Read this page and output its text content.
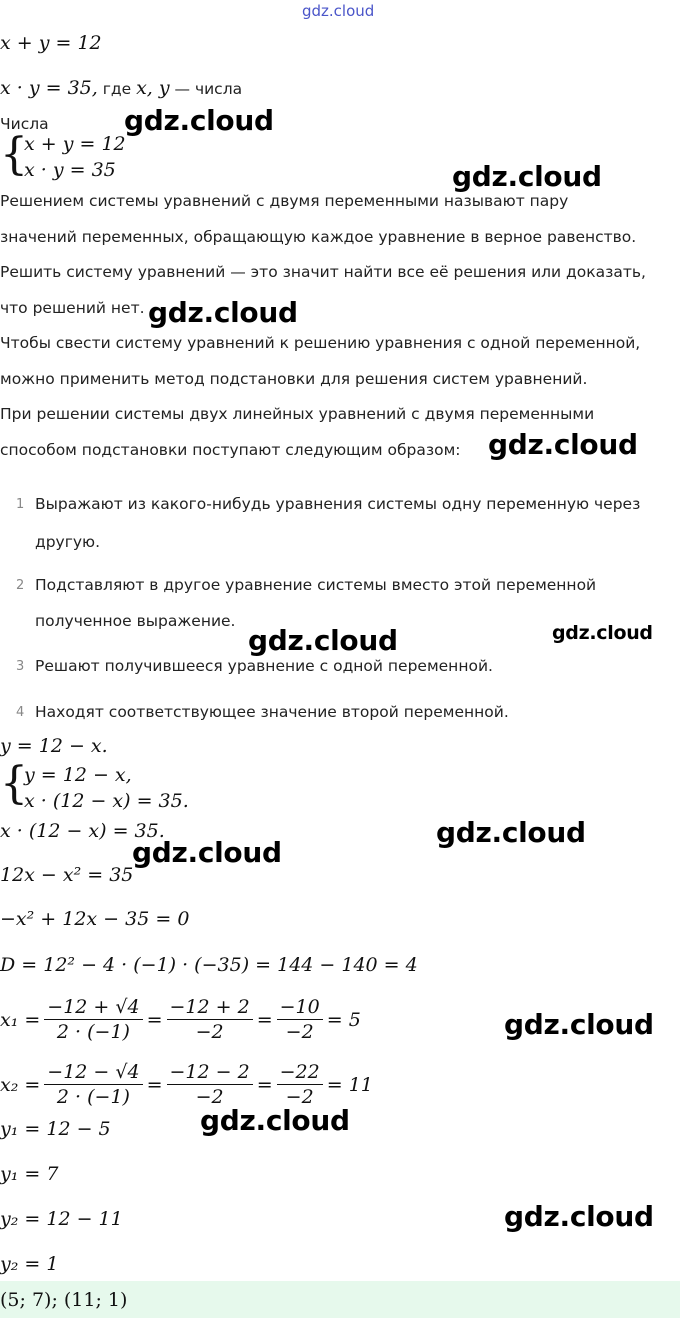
gdz.cloud
x + y = 12
x · y = 35, где x, y — числа
Числа
{
x + y = 12
x · y = 35
Решением системы уравнений с двумя переменными называют пару
значений переменных, обращающую каждое уравнение в верное равенство.
Решить систему уравнений — это значит найти все её решения или доказать,
что решений нет.
Чтобы свести систему уравнений к решению уравнения с одной переменной,
можно применить метод подстановки для решения систем уравнений.
При решении системы двух линейных уравнений с двумя переменными
способом подстановки поступают следующим образом:
1 Выражают из какого-нибудь уравнения системы одну переменную через
другую.
2 Подставляют в другое уравнение системы вместо этой переменной
полученное выражение.
3 Решают получившееся уравнение с одной переменной.
4 Находят соответствующее значение второй переменной.
y = 12 − x.
{
y = 12 − x,
x · (12 − x) = 35.
x · (12 − x) = 35.
12x − x² = 35
−x² + 12x − 35 = 0
D = 12² − 4 · (−1) · (−35) = 144 − 140 = 4
$x_1 = \frac{-12 + √4}{2 \cdot (-1)} = \frac{-12 + 2}{-2} = \frac{-10}{-2} = 5$
$x_2 = \frac{-12 - √4}{2 \cdot (-1)} = \frac{-12 - 2}{-2} = \frac{-22}{-2} = 11$
y₁ = 12 − 5
y₁ = 7
y₂ = 12 − 11
y₂ = 1
(5; 7); (11; 1)
gdz.cloud
gdz.cloud
gdz.cloud
gdz.cloud
gdz.cloud	gdz.cloud
gdz.cloud
gdz.cloud
gdz.cloud
gdz.cloud
gdz.cloud
